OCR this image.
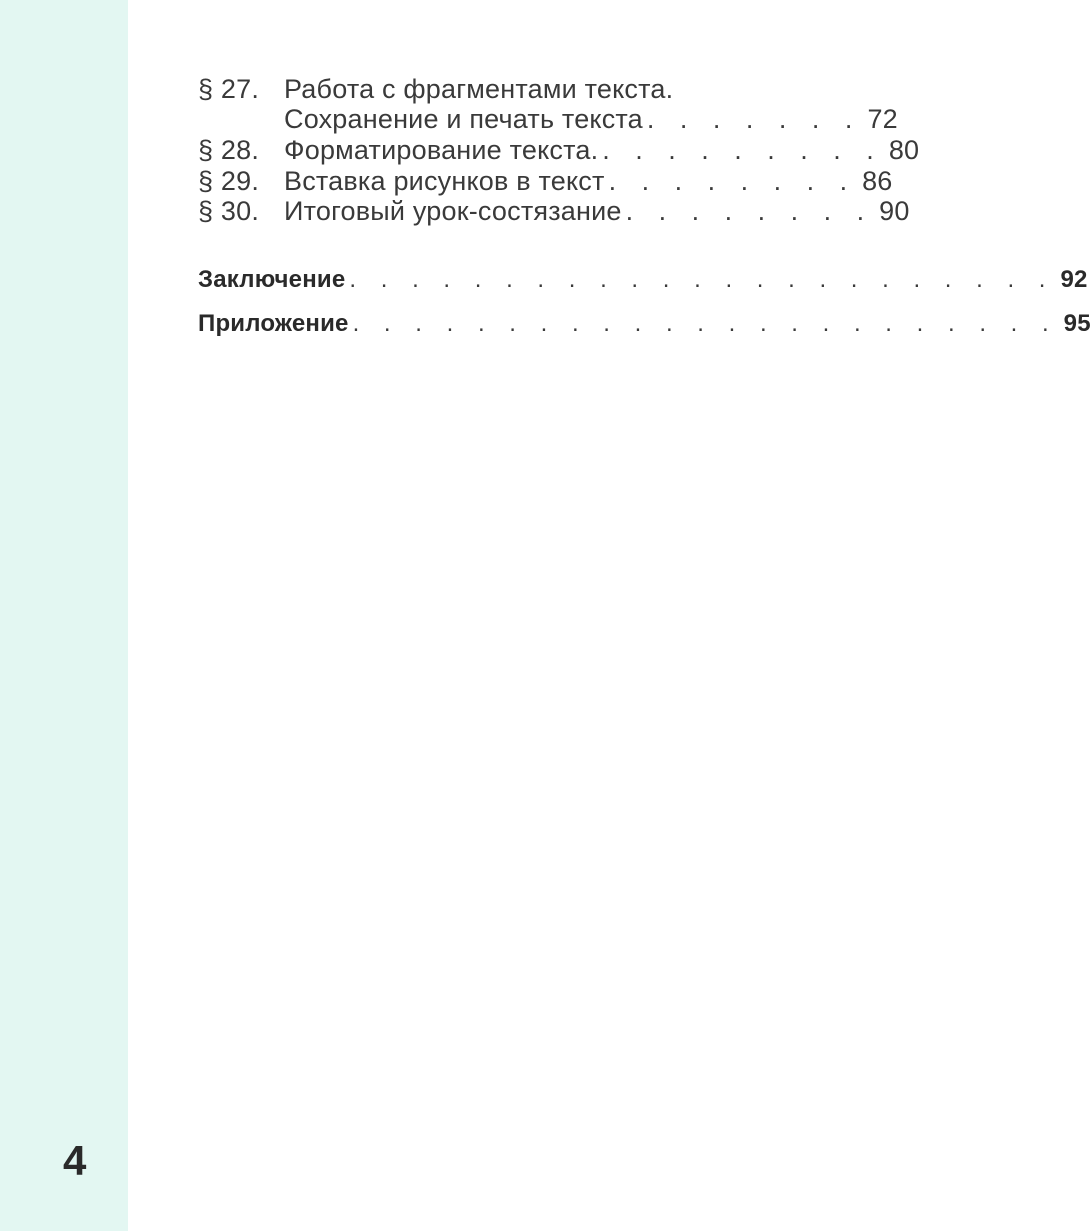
§ 27. Работа с фрагментами текста.
Сохранение и печать текста . . . . . . . 72
§ 28. Форматирование текста. . . . . . . . . . 80
§ 29. Вставка рисунков в текст . . . . . . . . 86
§ 30. Итоговый урок-состязание . . . . . . . . 90
Заключение . . . . . . . . . . . . . . . . . . . . . . . 92
Приложение . . . . . . . . . . . . . . . . . . . . . . . 95
4
